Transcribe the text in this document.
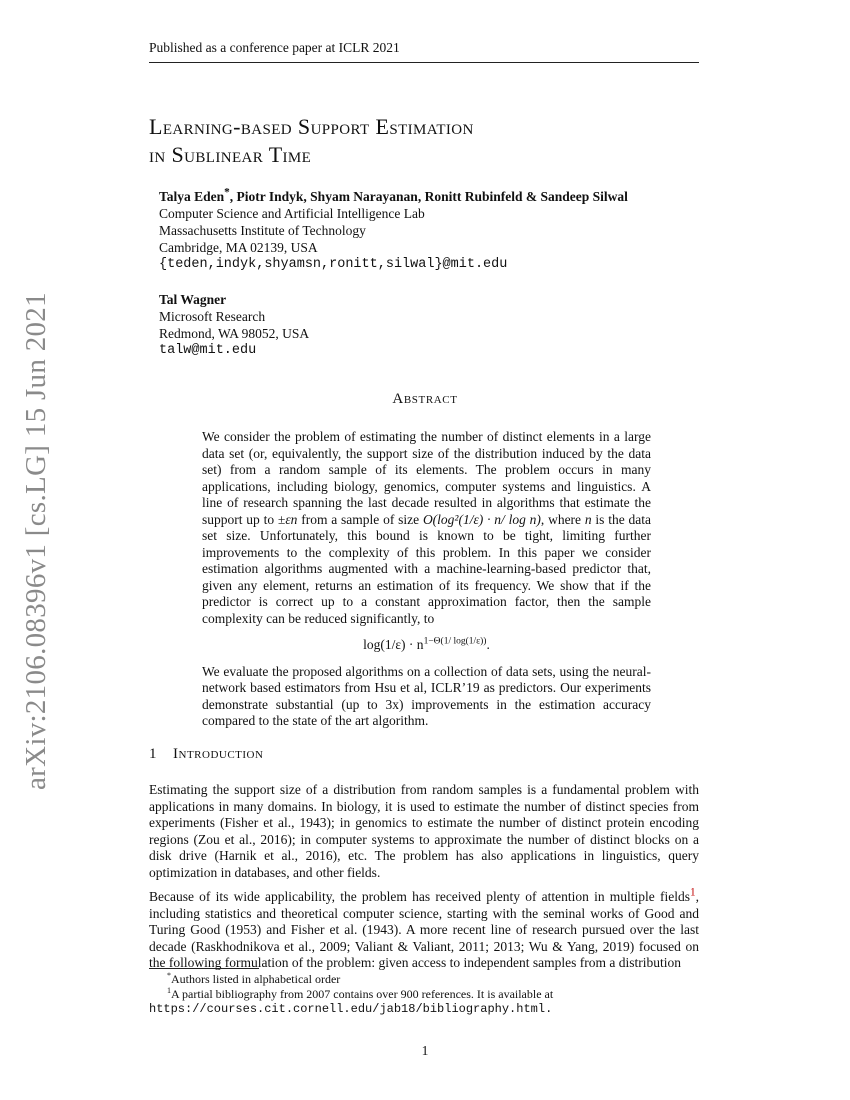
Published as a conference paper at ICLR 2021
arXiv:2106.08396v1 [cs.LG] 15 Jun 2021
Learning-based Support Estimation
in Sublinear Time
Talya Eden*, Piotr Indyk, Shyam Narayanan, Ronitt Rubinfeld & Sandeep Silwal
Computer Science and Artificial Intelligence Lab
Massachusetts Institute of Technology
Cambridge, MA 02139, USA
{teden,indyk,shyamsn,ronitt,silwal}@mit.edu
Tal Wagner
Microsoft Research
Redmond, WA 98052, USA
talw@mit.edu
Abstract

We consider the problem of estimating the number of distinct elements in a large data set (or, equivalently, the support size of the distribution induced by the data set) from a random sample of its elements. The problem occurs in many applications, including biology, genomics, computer systems and linguistics. A line of research spanning the last decade resulted in algorithms that estimate the support up to ±εn from a sample of size O(log²(1/ε) · n/ log n), where n is the data set size. Unfortunately, this bound is known to be tight, limiting further improvements to the complexity of this problem. In this paper we consider estimation algorithms augmented with a machine-learning-based predictor that, given any element, returns an estimation of its frequency. We show that if the predictor is correct up to a constant approximation factor, then the sample complexity can be reduced significantly, to

$\log(1/\varepsilon) \cdot n^{1-\Theta(1/ log(1/\varepsilon))}$.

We evaluate the proposed algorithms on a collection of data sets, using the neural-network based estimators from Hsu et al, ICLR’19 as predictors. Our experiments demonstrate substantial (up to 3x) improvements in the estimation accuracy compared to the state of the art algorithm.

1 Introduction

Estimating the support size of a distribution from random samples is a fundamental problem with applications in many domains. In biology, it is used to estimate the number of distinct species from experiments (Fisher et al., 1943); in genomics to estimate the number of distinct protein encoding regions (Zou et al., 2016); in computer systems to approximate the number of distinct blocks on a disk drive (Harnik et al., 2016), etc. The problem has also applications in linguistics, query optimization in databases, and other fields.

Because of its wide applicability, the problem has received plenty of attention in multiple fields$^1$, including statistics and theoretical computer science, starting with the seminal works of Good and Turing Good (1953) and Fisher et al. (1943). A more recent line of research pursued over the last decade (Raskhodnikova et al., 2009; Valiant & Valiant, 2011; 2013; Wu & Yang, 2019) focused on the following formulation of the problem: given access to independent samples from a distribution

*Authors listed in alphabetical order
$^1$A partial bibliography from 2007 contains over 900 references. It is available at
https://courses.cit.cornell.edu/jab18/bibliography.html.
1
